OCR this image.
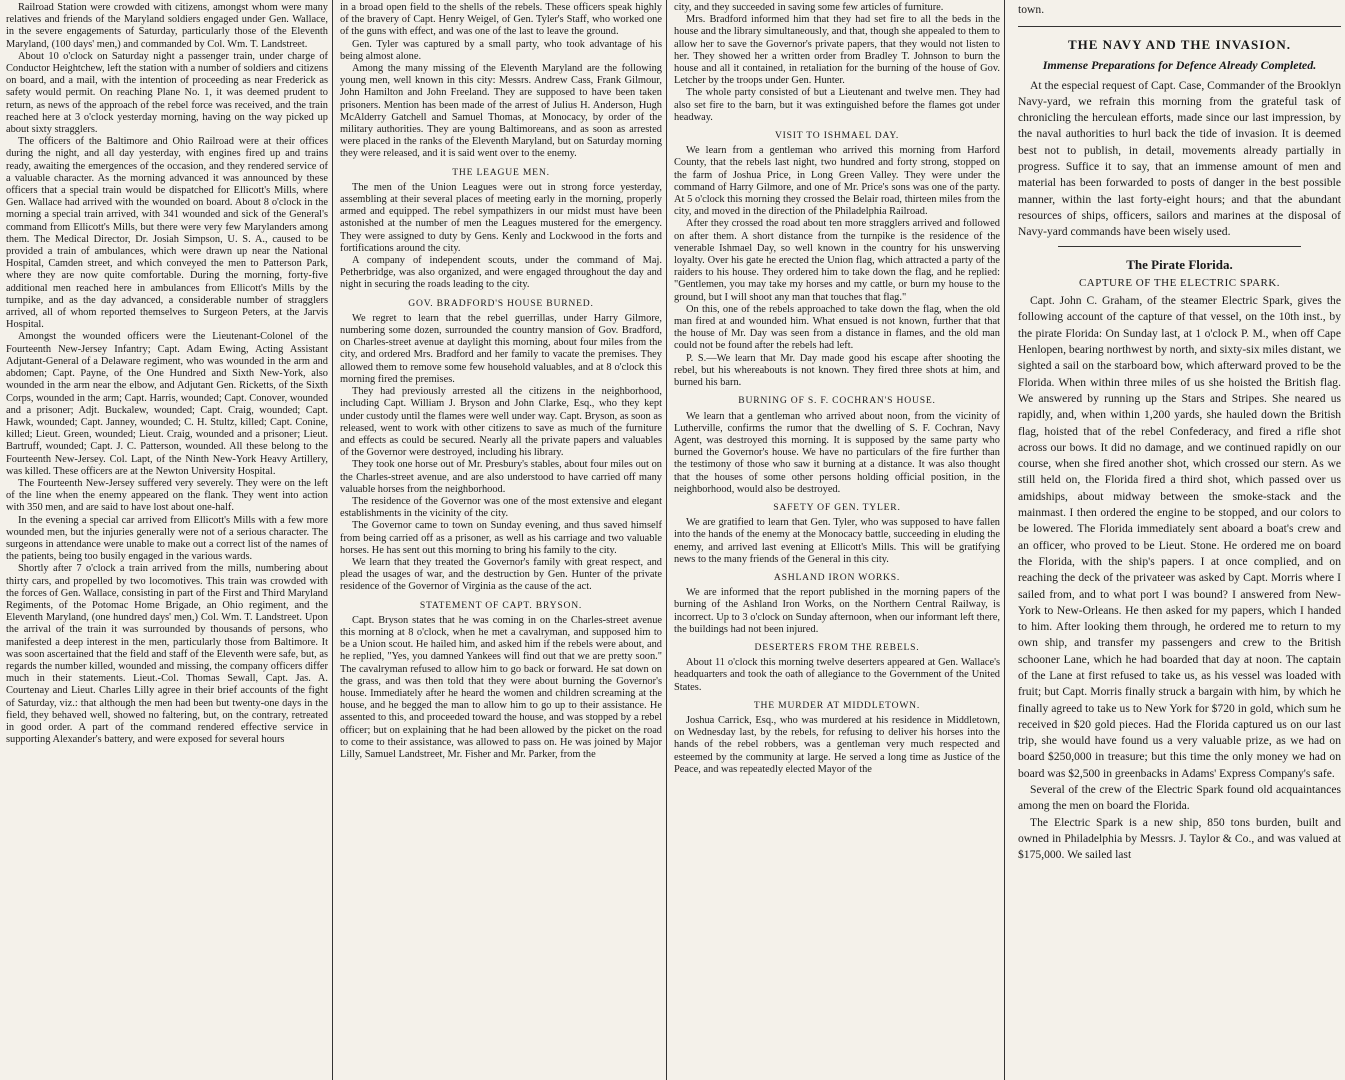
Railroad Station were crowded with citizens, amongst whom were many relatives and friends of the Maryland soldiers engaged under Gen. Wallace, in the severe engagements of Saturday, particularly those of the Eleventh Maryland, (100 days' men,) and commanded by Col. Wm. T. Landstreet.

About 10 o'clock on Saturday night a passenger train, under charge of Conductor Heightchew, left the station with a number of soldiers and citizens on board, and a mail, with the intention of proceeding as near Frederick as safety would permit. On reaching Plane No. 1, it was deemed prudent to return, as news of the approach of the rebel force was received, and the train reached here at 3 o'clock yesterday morning, having on the way picked up about sixty stragglers.

The officers of the Baltimore and Ohio Railroad were at their offices during the night, and all day yesterday, with engines fired up and trains ready, awaiting the emergences of the occasion, and they rendered service of a valuable character. As the morning advanced it was announced by these officers that a special train would be dispatched for Ellicott's Mills, where Gen. Wallace had arrived with the wounded on board. About 8 o'clock in the morning a special train arrived, with 341 wounded and sick of the General's command from Ellicott's Mills, but there were very few Marylanders among them. The Medical Director, Dr. Josiah Simpson, U. S. A., caused to be provided a train of ambulances, which were drawn up near the National Hospital, Camden street, and which conveyed the men to Patterson Park, where they are now quite comfortable. During the morning, forty-five additional men reached here in ambulances from Ellicott's Mills by the turnpike, and as the day advanced, a considerable number of stragglers arrived, all of whom reported themselves to Surgeon Peters, at the Jarvis Hospital.

Amongst the wounded officers were the Lieutenant-Colonel of the Fourteenth New-Jersey Infantry; Capt. Adam Ewing, Acting Assistant Adjutant-General of a Delaware regiment, who was wounded in the arm and abdomen; Capt. Payne, of the One Hundred and Sixth New-York, also wounded in the arm near the elbow, and Adjutant Gen. Ricketts, of the Sixth Corps, wounded in the arm; Capt. Harris, wounded; Capt. Conover, wounded and a prisoner; Adjt. Buckalew, wounded; Capt. Craig, wounded; Capt. Hawk, wounded; Capt. Janney, wounded; C. H. Stultz, killed; Capt. Conine, killed; Lieut. Green, wounded; Lieut. Craig, wounded and a prisoner; Lieut. Bartruff, wounded; Capt. J. C. Patterson, wounded. All these belong to the Fourteenth New-Jersey. Col. Lapt, of the Ninth New-York Heavy Artillery, was killed. These officers are at the Newton University Hospital.

The Fourteenth New-Jersey suffered very severely. They were on the left of the line when the enemy appeared on the flank. They went into action with 350 men, and are said to have lost about one-half.

In the evening a special car arrived from Ellicott's Mills with a few more wounded men, but the injuries generally were not of a serious character. The surgeons in attendance were unable to make out a correct list of the names of the patients, being too busily engaged in the various wards.

Shortly after 7 o'clock a train arrived from the mills, numbering about thirty cars, and propelled by two locomotives. This train was crowded with the forces of Gen. Wallace, consisting in part of the First and Third Maryland Regiments, of the Potomac Home Brigade, an Ohio regiment, and the Eleventh Maryland, (one hundred days' men,) Col. Wm. T. Landstreet. Upon the arrival of the train it was surrounded by thousands of persons, who manifested a deep interest in the men, particularly those from Baltimore. It was soon ascertained that the field and staff of the Eleventh were safe, but, as regards the number killed, wounded and missing, the company officers differ much in their statements. Lieut.-Col. Thomas Sewall, Capt. Jas. A. Courtenay and Lieut. Charles Lilly agree in their brief accounts of the fight of Saturday, viz.: that although the men had been but twenty-one days in the field, they behaved well, showed no faltering, but, on the contrary, retreated in good order. A part of the command rendered effective service in supporting Alexander's battery, and were exposed for several hours

in a broad open field to the shells of the rebels. These officers speak highly of the bravery of Capt. Henry Weigel, of Gen. Tyler's Staff, who worked one of the guns with effect, and was one of the last to leave the ground.

Gen. Tyler was captured by a small party, who took advantage of his being almost alone.

Among the many missing of the Eleventh Maryland are the following young men, well known in this city: Messrs. Andrew Cass, Frank Gilmour, John Hamilton and John Freeland. They are supposed to have been taken prisoners. Mention has been made of the arrest of Julius H. Anderson, Hugh McAlderry Gatchell and Samuel Thomas, at Monocacy, by order of the military authorities. They are young Baltimoreans, and as soon as arrested were placed in the ranks of the Eleventh Maryland, but on Saturday morning they were released, and it is said went over to the enemy.

THE LEAGUE MEN.

The men of the Union Leagues were out in strong force yesterday, assembling at their several places of meeting early in the morning, properly armed and equipped. The rebel sympathizers in our midst must have been astonished at the number of men the Leagues mustered for the emergency. They were assigned to duty by Gens. Kenly and Lockwood in the forts and fortifications around the city.

A company of independent scouts, under the command of Maj. Petherbridge, was also organized, and were engaged throughout the day and night in securing the roads leading to the city.

GOV. BRADFORD'S HOUSE BURNED.

We regret to learn that the rebel guerrillas, under Harry Gilmore, numbering some dozen, surrounded the country mansion of Gov. Bradford, on Charles-street avenue at daylight this morning, about four miles from the city, and ordered Mrs. Bradford and her family to vacate the premises. They allowed them to remove some few household valuables, and at 8 o'clock this morning fired the premises.

They had previously arrested all the citizens in the neighborhood, including Capt. William J. Bryson and John Clarke, Esq., who they kept under custody until the flames were well under way. Capt. Bryson, as soon as released, went to work with other citizens to save as much of the furniture and effects as could be secured. Nearly all the private papers and valuables of the Governor were destroyed, including his library.

They took one horse out of Mr. Presbury's stables, about four miles out on the Charles-street avenue, and are also understood to have carried off many valuable horses from the neighborhood.

The residence of the Governor was one of the most extensive and elegant establishments in the vicinity of the city.

The Governor came to town on Sunday evening, and thus saved himself from being carried off as a prisoner, as well as his carriage and two valuable horses. He has sent out this morning to bring his family to the city.

We learn that they treated the Governor's family with great respect, and plead the usages of war, and the destruction by Gen. Hunter of the private residence of the Governor of Virginia as the cause of the act.

STATEMENT OF CAPT. BRYSON.

Capt. Bryson states that he was coming in on the Charles-street avenue this morning at 8 o'clock, when he met a cavalryman, and supposed him to be a Union scout. He hailed him, and asked him if the rebels were about, and he replied, "Yes, you damned Yankees will find out that we are pretty soon." The cavalryman refused to allow him to go back or forward. He sat down on the grass, and was then told that they were about burning the Governor's house. Immediately after he heard the women and children screaming at the house, and he begged the man to allow him to go up to their assistance. He assented to this, and proceeded toward the house, and was stopped by a rebel officer; but on explaining that he had been allowed by the picket on the road to come to their assistance, was allowed to pass on. He was joined by Major Lilly, Samuel Landstreet, Mr. Fisher and Mr. Parker, from the

city, and they succeeded in saving some few articles of furniture.

Mrs. Bradford informed him that they had set fire to all the beds in the house and the library simultaneously, and that, though she appealed to them to allow her to save the Governor's private papers, that they would not listen to her. They showed her a written order from Bradley T. Johnson to burn the house and all it contained, in retaliation for the burning of the house of Gov. Letcher by the troops under Gen. Hunter.

The whole party consisted of but a Lieutenant and twelve men. They had also set fire to the barn, but it was extinguished before the flames got under headway.

VISIT TO ISHMAEL DAY.

We learn from a gentleman who arrived this morning from Harford County, that the rebels last night, two hundred and forty strong, stopped on the farm of Joshua Price, in Long Green Valley. They were under the command of Harry Gilmore, and one of Mr. Price's sons was one of the party. At 5 o'clock this morning they crossed the Belair road, thirteen miles from the city, and moved in the direction of the Philadelphia Railroad.

After they crossed the road about ten more stragglers arrived and followed on after them. A short distance from the turnpike is the residence of the venerable Ishmael Day, so well known in the country for his unswerving loyalty. Over his gate he erected the Union flag, which attracted a party of the raiders to his house. They ordered him to take down the flag, and he replied: "Gentlemen, you may take my horses and my cattle, or burn my house to the ground, but I will shoot any man that touches that flag."

On this, one of the rebels approached to take down the flag, when the old man fired at and wounded him. What ensued is not known, further that that the house of Mr. Day was seen from a distance in flames, and the old man could not be found after the rebels had left.

P. S.—We learn that Mr. Day made good his escape after shooting the rebel, but his whereabouts is not known. They fired three shots at him, and burned his barn.

BURNING OF S. F. COCHRAN'S HOUSE.

We learn that a gentleman who arrived about noon, from the vicinity of Lutherville, confirms the rumor that the dwelling of S. F. Cochran, Navy Agent, was destroyed this morning. It is supposed by the same party who burned the Governor's house. We have no particulars of the fire further than the testimony of those who saw it burning at a distance. It was also thought that the houses of some other persons holding official position, in the neighborhood, would also be destroyed.

SAFETY OF GEN. TYLER.

We are gratified to learn that Gen. Tyler, who was supposed to have fallen into the hands of the enemy at the Monocacy battle, succeeding in eluding the enemy, and arrived last evening at Ellicott's Mills. This will be gratifying news to the many friends of the General in this city.

ASHLAND IRON WORKS.

We are informed that the report published in the morning papers of the burning of the Ashland Iron Works, on the Northern Central Railway, is incorrect. Up to 3 o'clock on Sunday afternoon, when our informant left there, the buildings had not been injured.

DESERTERS FROM THE REBELS.

About 11 o'clock this morning twelve deserters appeared at Gen. Wallace's headquarters and took the oath of allegiance to the Government of the United States.

THE MURDER AT MIDDLETOWN.

Joshua Carrick, Esq., who was murdered at his residence in Middletown, on Wednesday last, by the rebels, for refusing to deliver his horses into the hands of the rebel robbers, was a gentleman very much respected and esteemed by the community at large. He served a long time as Justice of the Peace, and was repeatedly elected Mayor of the

town.

THE NAVY AND THE INVASION.

Immense Preparations for Defence Already Completed.

At the especial request of Capt. Case, Commander of the Brooklyn Navy-yard, we refrain this morning from the grateful task of chronicling the herculean efforts, made since our last impression, by the naval authorities to hurl back the tide of invasion. It is deemed best not to publish, in detail, movements already partially in progress. Suffice it to say, that an immense amount of men and material has been forwarded to posts of danger in the best possible manner, within the last forty-eight hours; and that the abundant resources of ships, officers, sailors and marines at the disposal of Navy-yard commands have been wisely used.

The Pirate Florida.

CAPTURE OF THE ELECTRIC SPARK.

Capt. John C. Graham, of the steamer Electric Spark, gives the following account of the capture of that vessel, on the 10th inst., by the pirate Florida: On Sunday last, at 1 o'clock P. M., when off Cape Henlopen, bearing northwest by north, and sixty-six miles distant, we sighted a sail on the starboard bow, which afterward proved to be the Florida. When within three miles of us she hoisted the British flag. We answered by running up the Stars and Stripes. She neared us rapidly, and, when within 1,200 yards, she hauled down the British flag, hoisted that of the rebel Confederacy, and fired a rifle shot across our bows. It did no damage, and we continued rapidly on our course, when she fired another shot, which crossed our stern. As we still held on, the Florida fired a third shot, which passed over us amidships, about midway between the smoke-stack and the mainmast. I then ordered the engine to be stopped, and our colors to be lowered. The Florida immediately sent aboard a boat's crew and an officer, who proved to be Lieut. Stone. He ordered me on board the Florida, with the ship's papers. I at once complied, and on reaching the deck of the privateer was asked by Capt. Morris where I sailed from, and to what port I was bound? I answered from New-York to New-Orleans. He then asked for my papers, which I handed to him. After looking them through, he ordered me to return to my own ship, and transfer my passengers and crew to the British schooner Lane, which he had boarded that day at noon. The captain of the Lane at first refused to take us, as his vessel was loaded with fruit; but Capt. Morris finally struck a bargain with him, by which he finally agreed to take us to New York for $720 in gold, which sum he received in $20 gold pieces. Had the Florida captured us on our last trip, she would have found us a very valuable prize, as we had on board $250,000 in treasure; but this time the only money we had on board was $2,500 in greenbacks in Adams' Express Company's safe.

Several of the crew of the Electric Spark found old acquaintances among the men on board the Florida.

The Electric Spark is a new ship, 850 tons burden, built and owned in Philadelphia by Messrs. J. Taylor & Co., and was valued at $175,000. We sailed last
